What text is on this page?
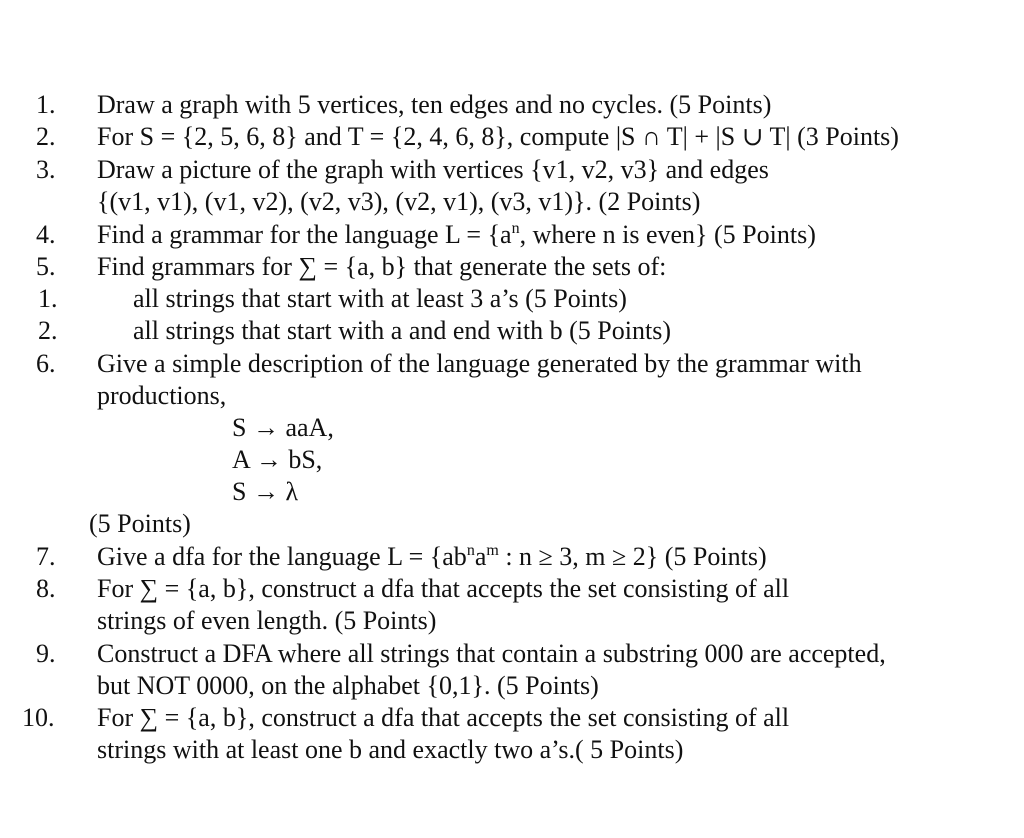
1. Draw a graph with 5 vertices, ten edges and no cycles. (5 Points)
2. For S = {2, 5, 6, 8} and T = {2, 4, 6, 8}, compute |S ∩ T| + |S ∪ T| (3 Points)
3. Draw a picture of the graph with vertices {v1, v2, v3} and edges
{(v1, v1), (v1, v2), (v2, v3), (v2, v1), (v3, v1)}. (2 Points)
4. Find a grammar for the language $L = \{a^n$, where n is even} (5 Points)
5. Find grammars for ∑ = {a, b} that generate the sets of:
1.	all strings that start with at least 3 a’s (5 Points)
2.	all strings that start with a and end with b (5 Points)
6. Give a simple description of the language generated by the grammar with
productions,
S → aaA,
A → bS,
S → λ
(5 Points)
7. Give a dfa for the language $L = \{ab^na^m$ : n ≥ 3, m ≥ 2} (5 Points)
8. For ∑ = {a, b}, construct a dfa that accepts the set consisting of all
strings of even length. (5 Points)
9. Construct a DFA where all strings that contain a substring 000 are accepted,
but NOT 0000, on the alphabet {0,1}. (5 Points)
10. For ∑ = {a, b}, construct a dfa that accepts the set consisting of all
strings with at least one b and exactly two a’s.( 5 Points)
